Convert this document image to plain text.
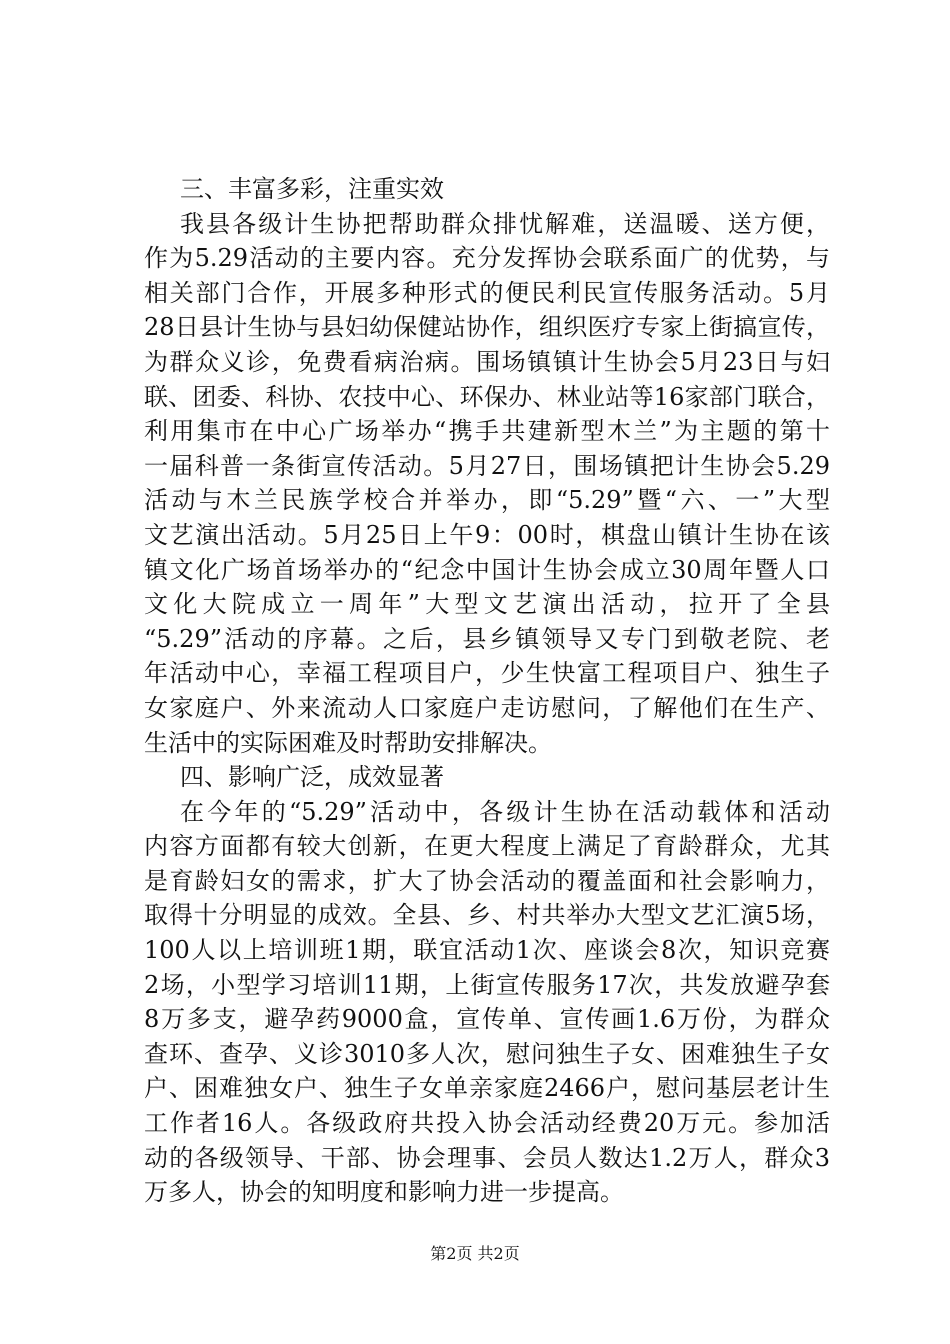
三、丰富多彩，注重实效
我县各级计生协把帮助群众排忧解难，送温暖、送方便，
作为5.29活动的主要内容。充分发挥协会联系面广的优势，与
相关部门合作，开展多种形式的便民利民宣传服务活动。5月
28日县计生协与县妇幼保健站协作，组织医疗专家上街搞宣传，
为群众义诊，免费看病治病。围场镇镇计生协会5月23日与妇
联、团委、科协、农技中心、环保办、林业站等16家部门联合，
利用集市在中心广场举办“携手共建新型木兰”为主题的第十
一届科普一条街宣传活动。5月27日，围场镇把计生协会5.29
活动与木兰民族学校合并举办，即“5.29”暨“六、一”大型
文艺演出活动。5月25日上午9：00时，棋盘山镇计生协在该
镇文化广场首场举办的“纪念中国计生协会成立30周年暨人口
文化大院成立一周年”大型文艺演出活动，拉开了全县
“5.29”活动的序幕。之后，县乡镇领导又专门到敬老院、老
年活动中心，幸福工程项目户，少生快富工程项目户、独生子
女家庭户、外来流动人口家庭户走访慰问，了解他们在生产、
生活中的实际困难及时帮助安排解决。
四、影响广泛，成效显著
在今年的“5.29”活动中，各级计生协在活动载体和活动
内容方面都有较大创新，在更大程度上满足了育龄群众，尤其
是育龄妇女的需求，扩大了协会活动的覆盖面和社会影响力，
取得十分明显的成效。全县、乡、村共举办大型文艺汇演5场，
100人以上培训班1期，联宜活动1次、座谈会8次，知识竞赛
2场，小型学习培训11期，上街宣传服务17次，共发放避孕套
8万多支，避孕药9000盒，宣传单、宣传画1.6万份，为群众
查环、查孕、义诊3010多人次，慰问独生子女、困难独生子女
户、困难独女户、独生子女单亲家庭2466户，慰问基层老计生
工作者16人。各级政府共投入协会活动经费20万元。参加活
动的各级领导、干部、协会理事、会员人数达1.2万人，群众3
万多人，协会的知明度和影响力进一步提高。
第2页 共2页
